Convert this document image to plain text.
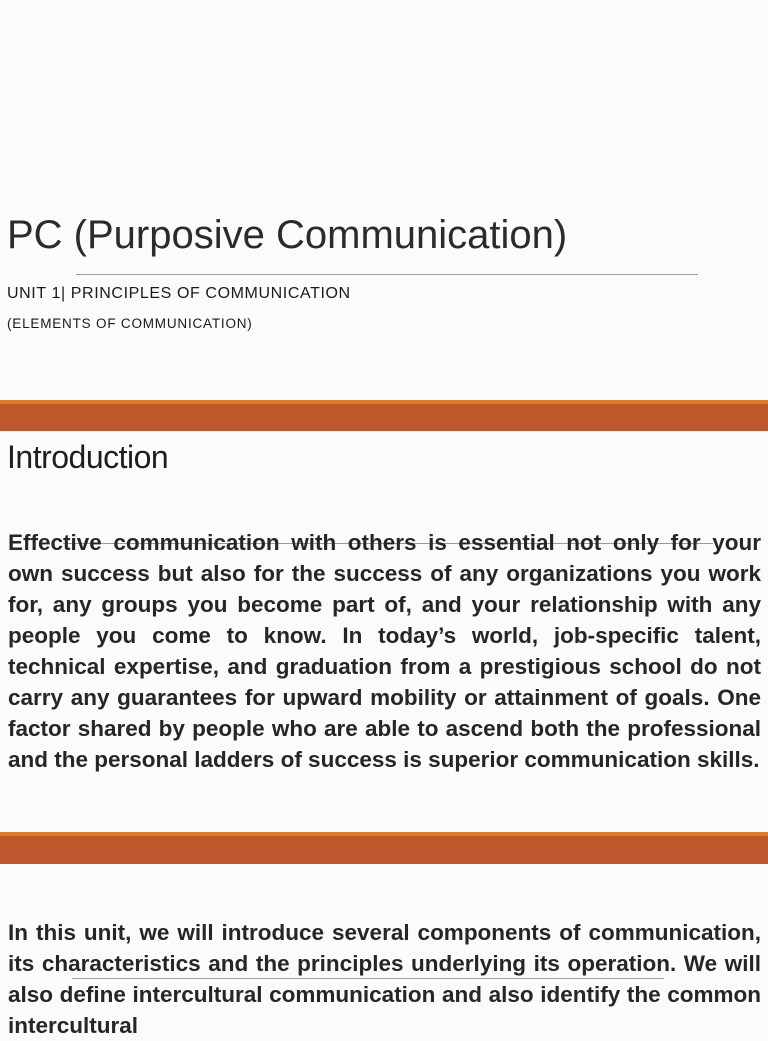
PC (Purposive Communication)

UNIT 1| PRINCIPLES OF COMMUNICATION

(ELEMENTS OF COMMUNICATION)

Introduction

Effective communication with others is essential not only for your own success but also for the success of any organizations you work for, any groups you become part of, and your relationship with any people you come to know. In today’s world, job-specific talent, technical expertise, and graduation from a prestigious school do not carry any guarantees for upward mobility or attainment of goals. One factor shared by people who are able to ascend both the professional and the personal ladders of success is superior communication skills.

In this unit, we will introduce several components of communication, its characteristics and the principles underlying its operation. We will also define intercultural communication and also identify the common intercultural
